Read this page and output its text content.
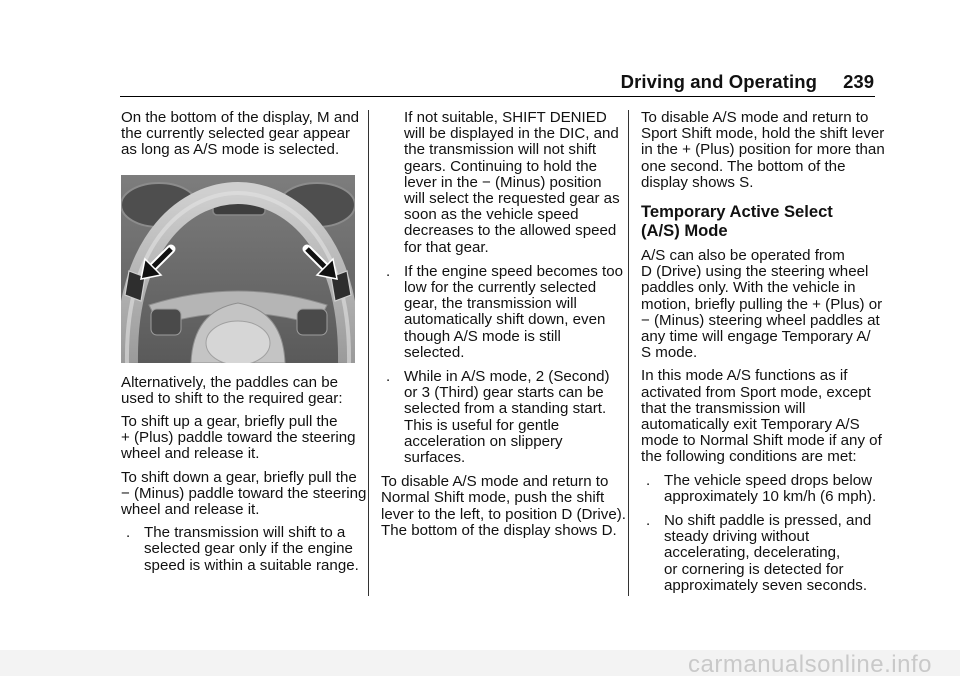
Driving and Operating 239
On the bottom of the display, M and
the currently selected gear appear
as long as A/S mode is selected.
Alternatively, the paddles can be
used to shift to the required gear:
To shift up a gear, briefly pull the
+ (Plus) paddle toward the steering
wheel and release it.
To shift down a gear, briefly pull the
− (Minus) paddle toward the steering
wheel and release it.
. The transmission will shift to a
selected gear only if the engine
speed is within a suitable range.
If not suitable, SHIFT DENIED
will be displayed in the DIC, and
the transmission will not shift
gears. Continuing to hold the
lever in the − (Minus) position
will select the requested gear as
soon as the vehicle speed
decreases to the allowed speed
for that gear.
. If the engine speed becomes too
low for the currently selected
gear, the transmission will
automatically shift down, even
though A/S mode is still
selected.
. While in A/S mode, 2 (Second)
or 3 (Third) gear starts can be
selected from a standing start.
This is useful for gentle
acceleration on slippery
surfaces.
To disable A/S mode and return to
Normal Shift mode, push the shift
lever to the left, to position D (Drive).
The bottom of the display shows D.
To disable A/S mode and return to
Sport Shift mode, hold the shift lever
in the + (Plus) position for more than
one second. The bottom of the
display shows S.
Temporary Active Select
(A/S) Mode
A/S can also be operated from
D (Drive) using the steering wheel
paddles only. With the vehicle in
motion, briefly pulling the + (Plus) or
− (Minus) steering wheel paddles at
any time will engage Temporary A/
S mode.
In this mode A/S functions as if
activated from Sport mode, except
that the transmission will
automatically exit Temporary A/S
mode to Normal Shift mode if any of
the following conditions are met:
. The vehicle speed drops below
approximately 10 km/h (6 mph).
. No shift paddle is pressed, and
steady driving without
accelerating, decelerating,
or cornering is detected for
approximately seven seconds.
carmanualsonline.info
